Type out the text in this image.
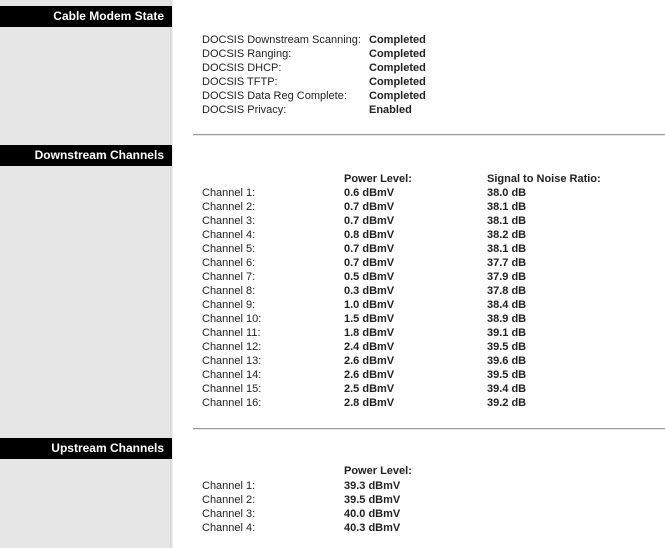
Cable Modem State
DOCSIS Downstream Scanning: Completed
DOCSIS Ranging:	Completed
DOCSIS DHCP:	Completed
DOCSIS TFTP:	Completed
DOCSIS Data Reg Complete: Completed
DOCSIS Privacy:	Enabled
Downstream Channels
Power Level:	Signal to Noise Ratio:
Channel 1:	0.6 dBmV	38.0 dB
Channel 2:	0.7 dBmV	38.1 dB
Channel 3:	0.7 dBmV	38.1 dB
Channel 4:	0.8 dBmV	38.2 dB
Channel 5:	0.7 dBmV	38.1 dB
Channel 6:	0.7 dBmV	37.7 dB
Channel 7:	0.5 dBmV	37.9 dB
Channel 8:	0.3 dBmV	37.8 dB
Channel 9:	1.0 dBmV	38.4 dB
Channel 10:	1.5 dBmV	38.9 dB
Channel 11:	1.8 dBmV	39.1 dB
Channel 12:	2.4 dBmV	39.5 dB
Channel 13:	2.6 dBmV	39.6 dB
Channel 14:	2.6 dBmV	39.5 dB
Channel 15:	2.5 dBmV	39.4 dB
Channel 16:	2.8 dBmV	39.2 dB
Upstream Channels
Power Level:
Channel 1:	39.3 dBmV
Channel 2:	39.5 dBmV
Channel 3:	40.0 dBmV
Channel 4:	40.3 dBmV
